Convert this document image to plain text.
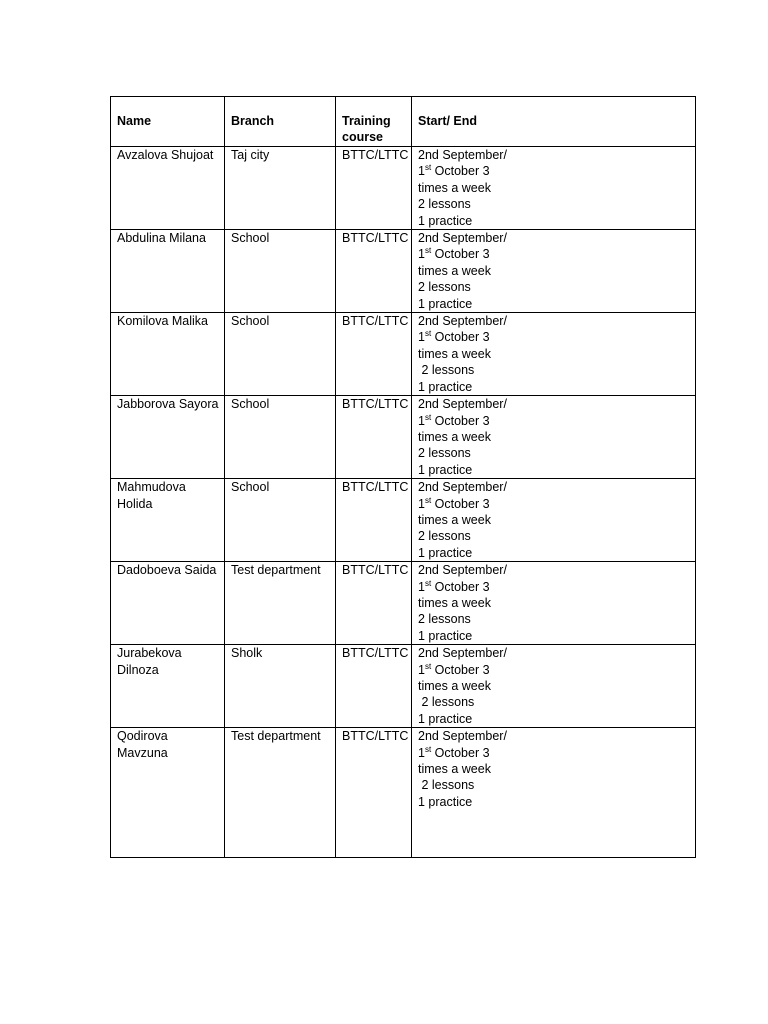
Name	Branch	Training course	Start/ End
Avzalova Shujoat	Taj city	BTTC/LTTC	2nd September/
1st October 3
times a week
2 lessons
1 practice

Abdulina Milana	School	BTTC/LTTC	2nd September/
1st October 3
times a week
2 lessons
1 practice

Komilova Malika	School	BTTC/LTTC	2nd September/
1st October 3
times a week
2 lessons
1 practice

Jabborova Sayora	School	BTTC/LTTC	2nd September/
1st October 3
times a week
2 lessons
1 practice

Mahmudova Holida	School	BTTC/LTTC	2nd September/
1st October 3
times a week
2 lessons
1 practice

Dadoboeva Saida	Test department	BTTC/LTTC	2nd September/
1st October 3
times a week
2 lessons
1 practice

Jurabekova Dilnoza	Sholk	BTTC/LTTC	2nd September/
1st October 3
times a week
2 lessons
1 practice

Qodirova Mavzuna	Test department	BTTC/LTTC	2nd September/
1st October 3
times a week
2 lessons
1 practice
